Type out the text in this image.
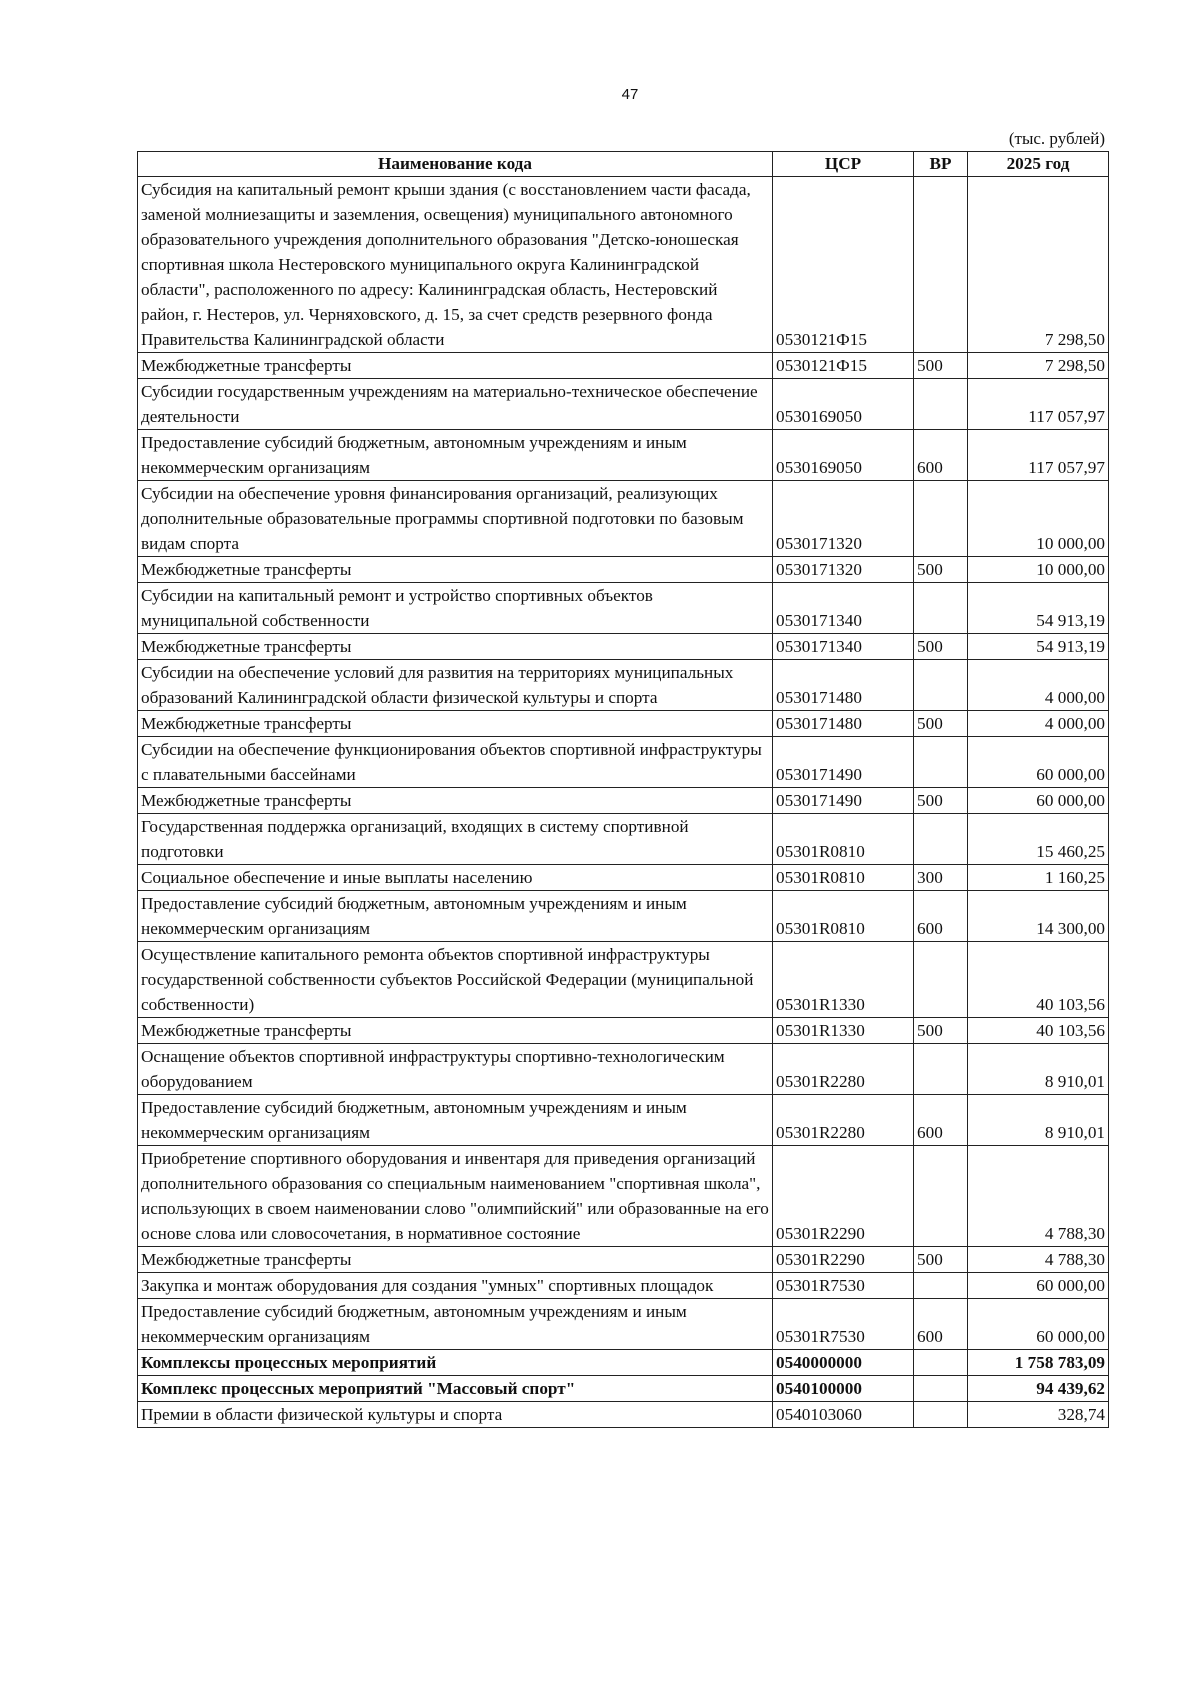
47
(тыс. рублей)
Наименование кода	ЦСР	ВР	2025 год
Субсидия на капитальный ремонт крыши здания (с восстановлением части фасада, заменой молниезащиты и заземления, освещения) муниципального автономного образовательного учреждения дополнительного образования "Детско-юношеская спортивная школа Нестеровского муниципального округа Калининградской области", расположенного по адресу: Калининградская область, Нестеровский район, г. Нестеров, ул. Черняховского, д. 15, за счет средств резервного фонда Правительства Калининградской области	0530121Ф15		7 298,50
Межбюджетные трансферты	0530121Ф15	500	7 298,50
Субсидии государственным учреждениям на материально-техническое обеспечение деятельности	0530169050		117 057,97
Предоставление субсидий бюджетным, автономным учреждениям и иным некоммерческим организациям	0530169050	600	117 057,97
Субсидии на обеспечение уровня финансирования организаций, реализующих дополнительные образовательные программы спортивной подготовки по базовым видам спорта	0530171320		10 000,00
Межбюджетные трансферты	0530171320	500	10 000,00
Субсидии на капитальный ремонт и устройство спортивных объектов муниципальной собственности	0530171340		54 913,19
Межбюджетные трансферты	0530171340	500	54 913,19
Субсидии на обеспечение условий для развития на территориях муниципальных образований Калининградской области физической культуры и спорта	0530171480		4 000,00
Межбюджетные трансферты	0530171480	500	4 000,00
Субсидии на обеспечение функционирования объектов спортивной инфраструктуры с плавательными бассейнами	0530171490		60 000,00
Межбюджетные трансферты	0530171490	500	60 000,00
Государственная поддержка организаций, входящих в систему спортивной подготовки	05301R0810		15 460,25
Социальное обеспечение и иные выплаты населению	05301R0810	300	1 160,25
Предоставление субсидий бюджетным, автономным учреждениям и иным некоммерческим организациям	05301R0810	600	14 300,00
Осуществление капитального ремонта объектов спортивной инфраструктуры государственной собственности субъектов Российской Федерации (муниципальной собственности)	05301R1330		40 103,56
Межбюджетные трансферты	05301R1330	500	40 103,56
Оснащение объектов спортивной инфраструктуры спортивно-технологическим оборудованием	05301R2280		8 910,01
Предоставление субсидий бюджетным, автономным учреждениям и иным некоммерческим организациям	05301R2280	600	8 910,01
Приобретение спортивного оборудования и инвентаря для приведения организаций дополнительного образования со специальным наименованием "спортивная школа", использующих в своем наименовании слово "олимпийский" или образованные на его основе слова или словосочетания, в нормативное состояние	05301R2290		4 788,30
Межбюджетные трансферты	05301R2290	500	4 788,30
Закупка и монтаж оборудования для создания "умных" спортивных площадок	05301R7530		60 000,00
Предоставление субсидий бюджетным, автономным учреждениям и иным некоммерческим организациям	05301R7530	600	60 000,00
Комплексы процессных мероприятий	0540000000		1 758 783,09
Комплекс процессных мероприятий "Массовый спорт"	0540100000		94 439,62
Премии в области физической культуры и спорта	0540103060		328,74
